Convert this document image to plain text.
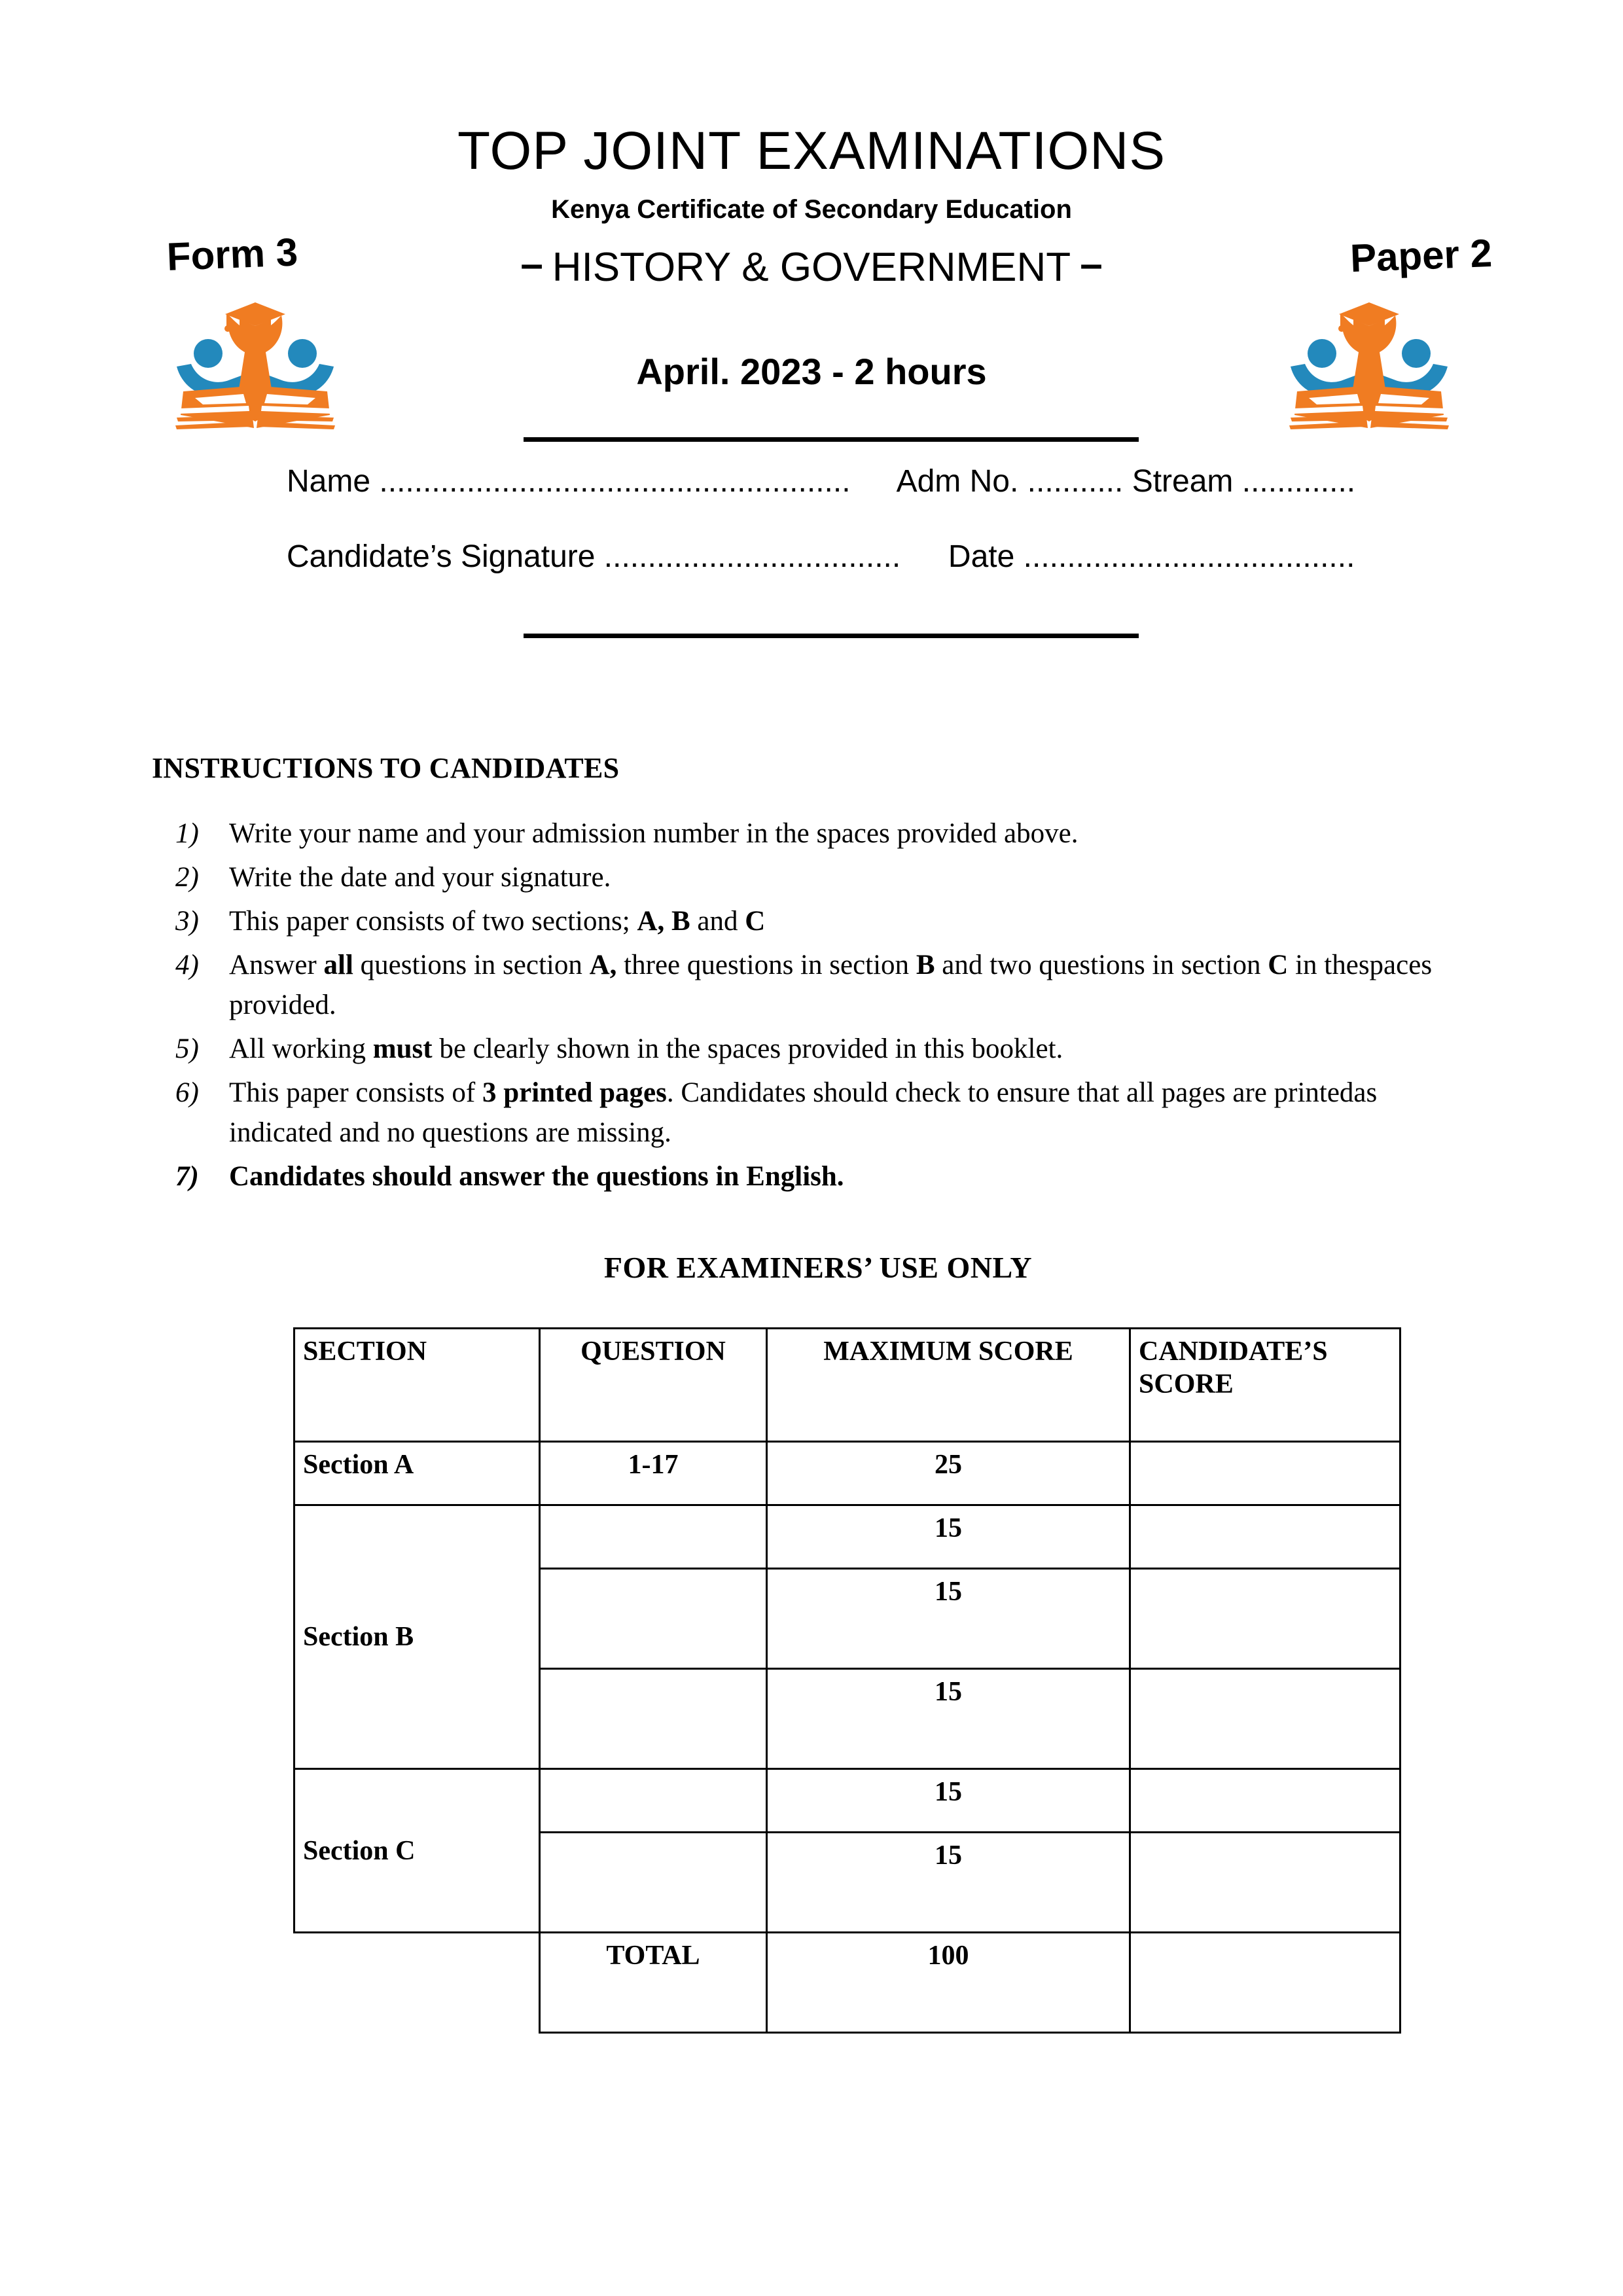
TOP JOINT EXAMINATIONS
Kenya Certificate of Secondary Education
Form 3	Paper 2
– HISTORY & GOVERNMENT –
April. 2023 - 2 hours
Name ...................................................... Adm No. ........... Stream .............
Candidate’s Signature .................................. Date ......................................
INSTRUCTIONS TO CANDIDATES
1) Write your name and your admission number in the spaces provided above.
2) Write the date and your signature.
3) This paper consists of two sections; A, B and C
4) Answer all questions in section A, three questions in section B and two questions in section C in thespaces provided.
5) All working must be clearly shown in the spaces provided in this booklet.
6) This paper consists of 3 printed pages. Candidates should check to ensure that all pages are printedas indicated and no questions are missing.
7) Candidates should answer the questions in English.
FOR EXAMINERS’ USE ONLY
SECTION	QUESTION	MAXIMUM SCORE	CANDIDATE’S SCORE
Section A	1-17	25	
Section B		15	
		15	
		15	
Section C		15	
		15	
	TOTAL	100	
